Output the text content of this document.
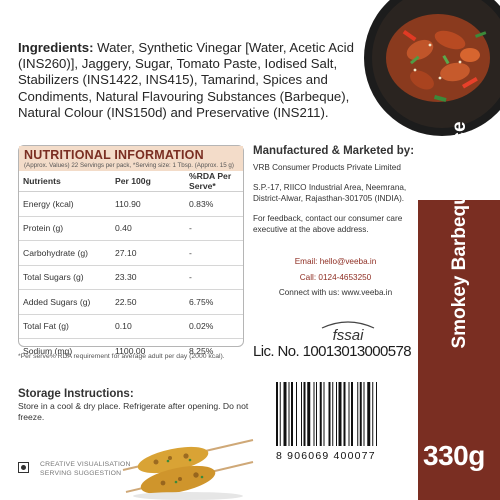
Ingredients: Water, Synthetic Vinegar [Water, Acetic Acid (INS260)], Jaggery, Sugar, Tomato Paste, Iodised Salt, Stabilizers (INS1422, INS415), Tamarind, Spices and Condiments, Natural Flavouring Substances (Barbeque), Natural Colour (INS150d) and Preservative (INS211).
NUTRITIONAL INFORMATION
(Approx. Values) 22 Servings per pack, *Serving size: 1 Tbsp. (Approx. 15 g)
Nutrients	Per 100g	%RDA Per Serve*
Energy (kcal)	110.90	0.83%
Protein (g)	0.40	-
Carbohydrate (g)	27.10	-
Total Sugars (g)	23.30	-
Added Sugars (g)	22.50	6.75%
Total Fat (g)	0.10	0.02%
Sodium (mg)	1100.00	8.25%
*Per serve% RDA requirement for average adult per day (2000 kcal).
Manufactured & Marketed by:

VRB Consumer Products Private Limited

S.P.-17, RIICO Industrial Area, Neemrana, District-Alwar, Rajasthan-301705 (INDIA).

For feedback, contact our consumer care executive at the above address.

Email: hello@veeba.in
Call: 0124-4653250
Connect with us: www.veeba.in
fssai
Lic. No. 10013013000578
Smokey Barbeque Sauce
330g
Storage Instructions:
Store in a cool & dry place. Refrigerate after opening. Do not freeze.
8 906069 400077
CREATIVE VISUALISATION
SERVING SUGGESTION
